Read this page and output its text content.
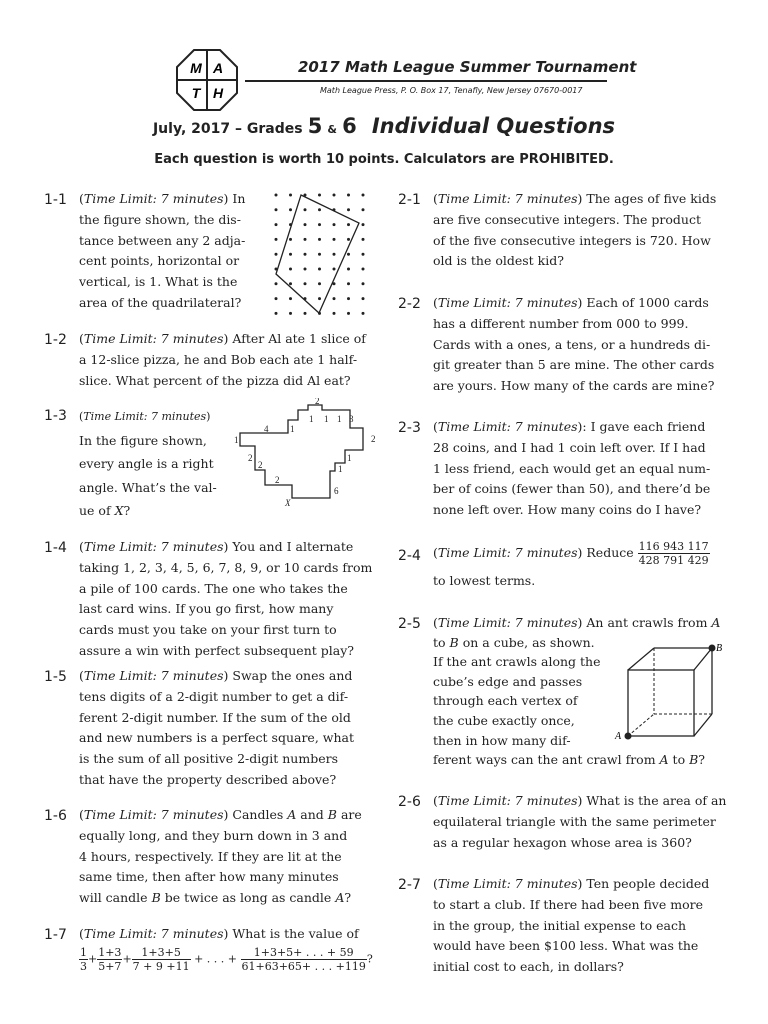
M A
T H
2017 Math League Summer Tournament
Math League Press, P. O. Box 17, Tenafly, New Jersey 07670-0017
July, 2017 – Grades 5 & 6 Individual Questions
Each question is worth 10 points. Calculators are PROHIBITED.
1-1 (Time Limit: 7 minutes) In
the figure shown, the dis-
tance between any 2 adja-
cent points, horizontal or
vertical, is 1. What is the
area of the quadrilateral?
1-2 (Time Limit: 7 minutes) After Al ate 1 slice of
a 12-slice pizza, he and Bob each ate 1 half-
slice. What percent of the pizza did Al eat?
1-3 (Time Limit: 7 minutes)
In the figure shown,
every angle is a right
angle. What’s the val-
ue of X?
2
1 1 1 3
4 1
2
1
2
2
1
1
2
6
X
1-4 (Time Limit: 7 minutes) You and I alternate
taking 1, 2, 3, 4, 5, 6, 7, 8, 9, or 10 cards from
a pile of 100 cards. The one who takes the
last card wins. If you go first, how many
cards must you take on your first turn to
assure a win with perfect subsequent play?
1-5 (Time Limit: 7 minutes) Swap the ones and
tens digits of a 2-digit number to get a dif-
ferent 2-digit number. If the sum of the old
and new numbers is a perfect square, what
is the sum of all positive 2-digit numbers
that have the property described above?
1-6 (Time Limit: 7 minutes) Candles A and B are
equally long, and they burn down in 3 and
4 hours, respectively. If they are lit at the
same time, then after how many minutes
will candle B be twice as long as candle A?
1-7 (Time Limit: 7 minutes) What is the value of
$\frac{1}{3} + \frac{1+3}{5+7} + \frac{1+3+5}{7 + 9 +11}$ + . . . + $\frac{1+3+5+ . . . + 59}{61+63+65+ . . . +119}$ ?
2-1 (Time Limit: 7 minutes) The ages of five kids
are five consecutive integers. The product
of the five consecutive integers is 720. How
old is the oldest kid?
2-2 (Time Limit: 7 minutes) Each of 1000 cards
has a different number from 000 to 999.
Cards with a ones, a tens, or a hundreds di-
git greater than 5 are mine. The other cards
are yours. How many of the cards are mine?
2-3 (Time Limit: 7 minutes): I gave each friend
28 coins, and I had 1 coin left over. If I had
1 less friend, each would get an equal num-
ber of coins (fewer than 50), and there’d be
none left over. How many coins do I have?
2-4 (Time Limit: 7 minutes) Reduce $\frac{116 943 117}{428 791 429}$
to lowest terms.
2-5 (Time Limit: 7 minutes) An ant crawls from A
to B on a cube, as shown.
If the ant crawls along the
cube’s edge and passes
through each vertex of
the cube exactly once,
then in how many dif-
ferent ways can the ant crawl from A to B?
A
B
2-6 (Time Limit: 7 minutes) What is the area of an
equilateral triangle with the same perimeter
as a regular hexagon whose area is 360?
2-7 (Time Limit: 7 minutes) Ten people decided
to start a club. If there had been five more
in the group, the initial expense to each
would have been $100 less. What was the
initial cost to each, in dollars?
